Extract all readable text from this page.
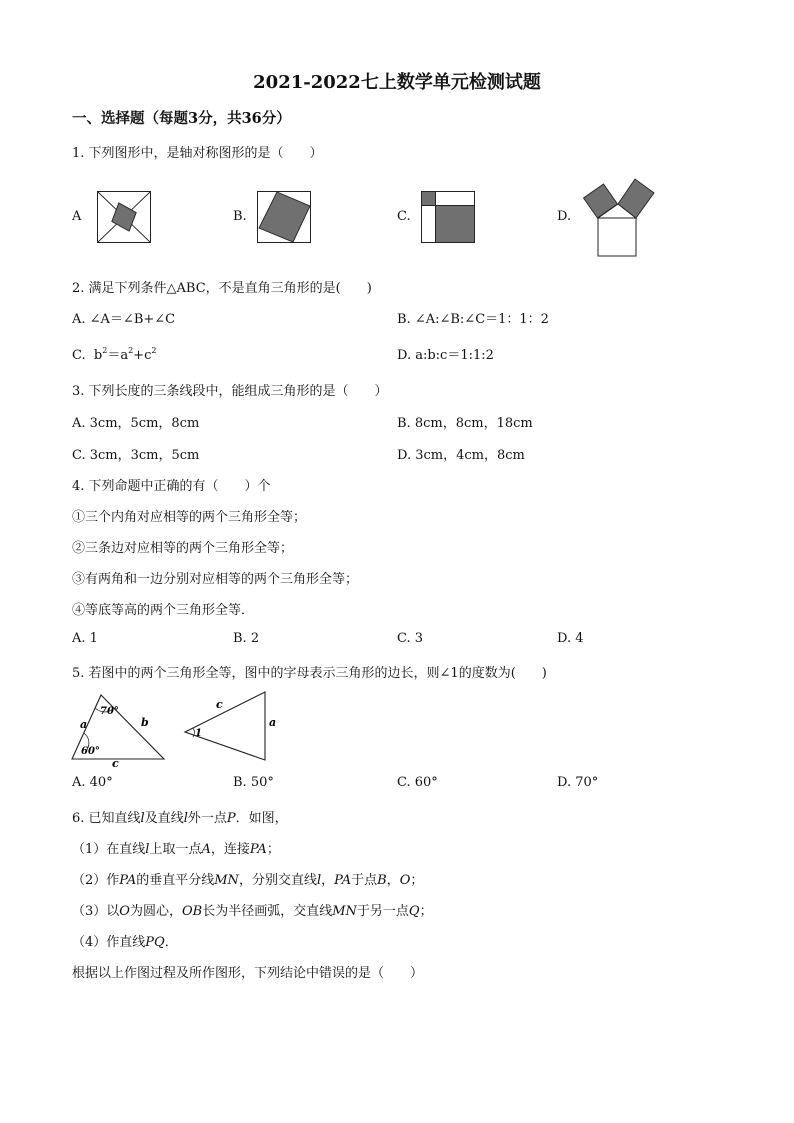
2021-2022七上数学单元检测试题
一、选择题（每题3分，共36分）
1. 下列图形中，是轴对称图形的是（　　）
A	B.	C.	D.
2. 满足下列条件△ABC，不是直角三角形的是(　　)
A. ∠A＝∠B+∠C	B. ∠A:∠B:∠C＝1：1：2
C. $b^2=a^2+c^2$	D. a:b:c＝1:1:2
3. 下列长度的三条线段中，能组成三角形的是（　　）
A. 3cm，5cm，8cm	B. 8cm，8cm，18cm
C. 3cm，3cm，5cm	D. 3cm，4cm，8cm
4. 下列命题中正确的有（　　）个
①三个内角对应相等的两个三角形全等；
②三条边对应相等的两个三角形全等；
③有两角和一边分别对应相等的两个三角形全等；
④等底等高的两个三角形全等．
A. 1	B. 2	C. 3	D. 4
5. 若图中的两个三角形全等，图中的字母表示三角形的边长，则∠1的度数为(　　)
a	b
c
70°
60°
c
a
1
A. 40°	B. 50°	C. 60°	D. 70°
6. 已知直线l及直线l外一点P．如图，
（1）在直线l上取一点A，连接PA；
（2）作PA的垂直平分线MN，分别交直线l，PA于点B，O；
（3）以O为圆心，OB长为半径画弧，交直线MN于另一点Q；
（4）作直线PQ．
根据以上作图过程及所作图形，下列结论中错误的是（　　）
